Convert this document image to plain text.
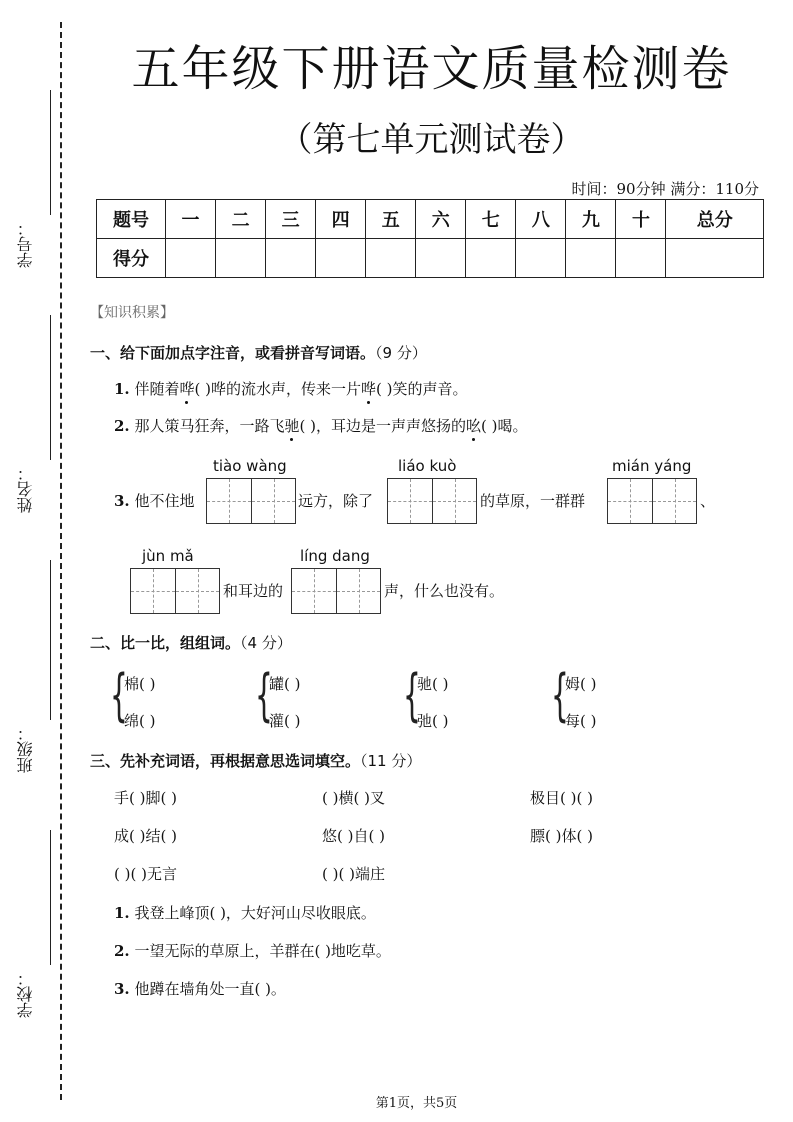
学号：
姓名：
班级：
学校：
五年级下册语文质量检测卷
（第七单元测试卷）
时间：90分钟 满分：110分
题号	一	二	三	四	五	六	七	八	九	十	总分
得分											
【知识积累】
一、给下面加点字注音，或看拼音写词语。（9 分）
1. 伴随着哗( )哗的流水声，传来一片哗( )笑的声音。
2. 那人策马狂奔，一路飞驰( )，耳边是一声声悠扬的吆( )喝。
tiào wàng	liáo kuò	mián yáng
3. 他不住地	远方，除了	的草原，一群群	、
jùn mǎ	líng dang
和耳边的	声，什么也没有。
二、比一比，组组词。（4 分）
{
棉( )
绵( ) {
罐( )
灌( ) {
驰( )
弛( ) {
姆( )
每( )
三、先补充词语，再根据意思选词填空。（11 分）
手( )脚( )	( )横( )叉	极目( )( )
成( )结( )	悠( )自( )	膘( )体( )
( )( )无言	( )( )端庄
1. 我登上峰顶( )，大好河山尽收眼底。
2. 一望无际的草原上，羊群在( )地吃草。
3. 他蹲在墙角处一直( )。
第1页，共5页
